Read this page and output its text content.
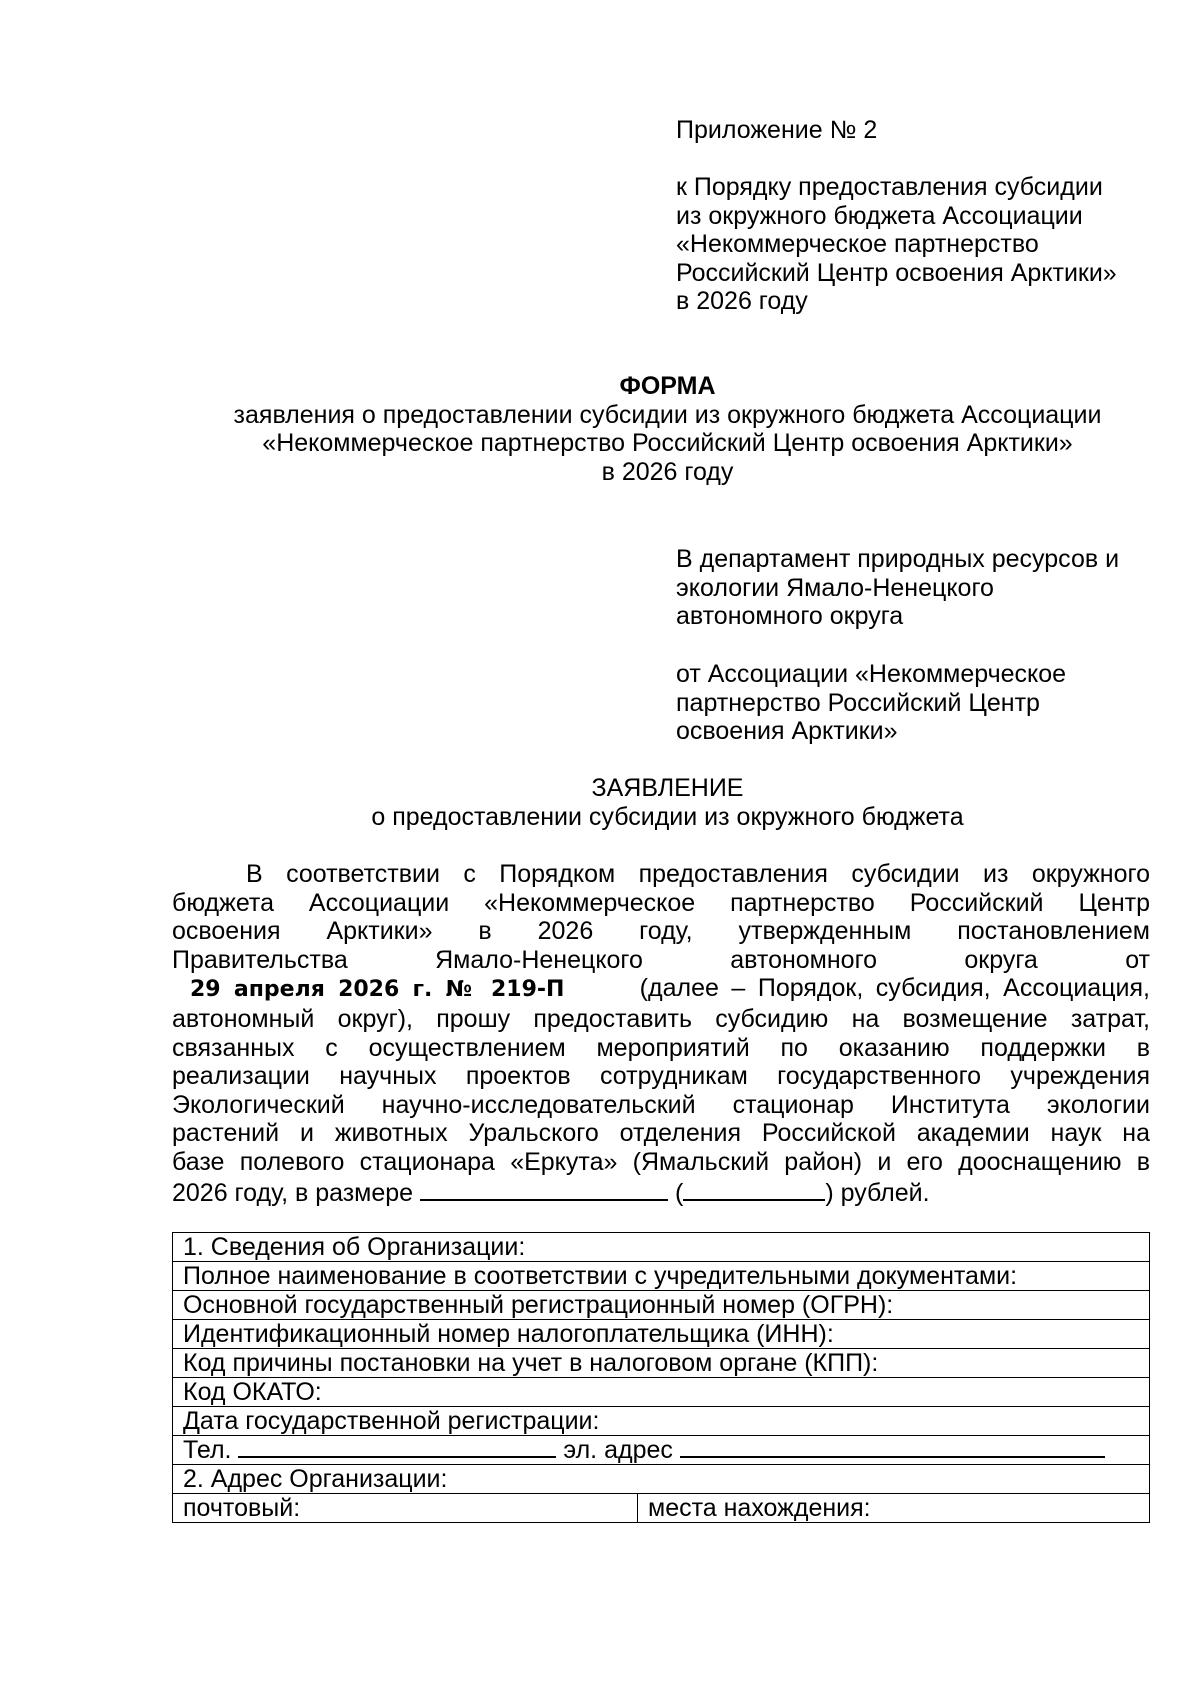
Приложение № 2
к Порядку предоставления субсидии
из окружного бюджета Ассоциации
«Некоммерческое партнерство
Российский Центр освоения Арктики»
в 2026 году
ФОРМА
заявления о предоставлении субсидии из окружного бюджета Ассоциации
«Некоммерческое партнерство Российский Центр освоения Арктики»
в 2026 году
В департамент природных ресурсов и
экологии Ямало-Ненецкого
автономного округа
от Ассоциации «Некоммерческое
партнерство Российский Центр
освоения Арктики»
ЗАЯВЛЕНИЕ
о предоставлении субсидии из окружного бюджета
В соответствии с Порядком предоставления субсидии из окружного
бюджета Ассоциации «Некоммерческое партнерство Российский Центр
освоения Арктики» в 2026 году, утвержденным постановлением
Правительства Ямало-Ненецкого автономного округа от
29 апреля 2026 г. № 219-П	(далее – Порядок, субсидия, Ассоциация,
автономный округ), прошу предоставить субсидию на возмещение затрат,
связанных с осуществлением мероприятий по оказанию поддержки в
реализации научных проектов сотрудникам государственного учреждения
Экологический научно-исследовательский стационар Института экологии
растений и животных Уральского отделения Российской академии наук на
базе полевого стационара «Еркута» (Ямальский район) и его дооснащению в
2026 году, в размере	(	) рублей.
1. Сведения об Организации:
Полное наименование в соответствии с учредительными документами:
Основной государственный регистрационный номер (ОГРН):
Идентификационный номер налогоплательщика (ИНН):
Код причины постановки на учет в налоговом органе (КПП):
Код ОКАТО:
Дата государственной регистрации:
Тел.	эл. адрес
2. Адрес Организации:
почтовый:	места нахождения:
